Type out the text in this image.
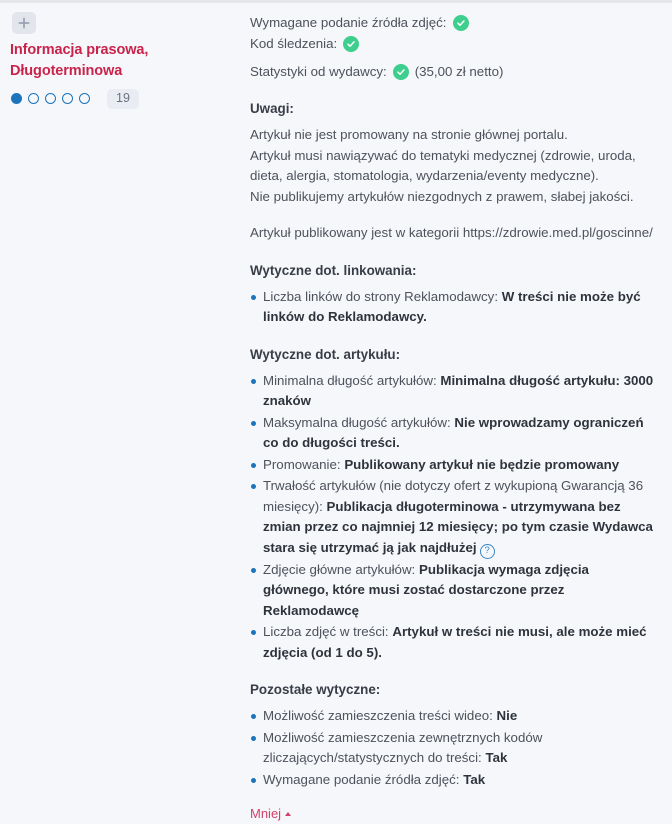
Informacja prasowa, Długoterminowa
19
Wymagane podanie źródła zdjęć:
Kod śledzenia:
Statystyki od wydawcy: (35,00 zł netto)
Uwagi:
Artykuł nie jest promowany na stronie głównej portalu.
Artykuł musi nawiązywać do tematyki medycznej (zdrowie, uroda, dieta, alergia, stomatologia, wydarzenia/eventy medyczne).
Nie publikujemy artykułów niezgodnych z prawem, słabej jakości.
Artykuł publikowany jest w kategorii https://zdrowie.med.pl/goscinne/
Wytyczne dot. linkowania:
Liczba linków do strony Reklamodawcy: W treści nie może być linków do Reklamodawcy.
Wytyczne dot. artykułu:
Minimalna długość artykułów: Minimalna długość artykułu: 3000 znaków
Maksymalna długość artykułów: Nie wprowadzamy ograniczeń co do długości treści.
Promowanie: Publikowany artykuł nie będzie promowany
Trwałość artykułów (nie dotyczy ofert z wykupioną Gwarancją 36 miesięcy): Publikacja długoterminowa - utrzymywana bez zmian przez co najmniej 12 miesięcy; po tym czasie Wydawca stara się utrzymać ją jak najdłużej ?
Zdjęcie główne artykułów: Publikacja wymaga zdjęcia głównego, które musi zostać dostarczone przez Reklamodawcę
Liczba zdjęć w treści: Artykuł w treści nie musi, ale może mieć zdjęcia (od 1 do 5).
Pozostałe wytyczne:
Możliwość zamieszczenia treści wideo: Nie
Możliwość zamieszczenia zewnętrznych kodów zliczających/statystycznych do treści: Tak
Wymagane podanie źródła zdjęć: Tak
Mniej
